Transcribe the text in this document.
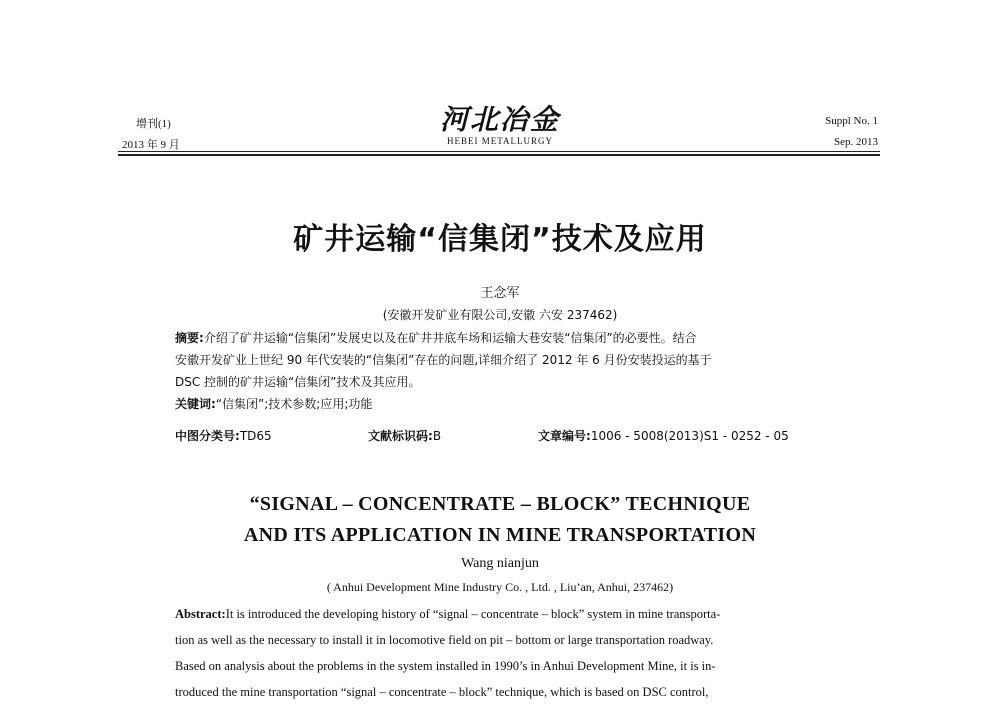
增刊(1)
2013 年 9 月
河北冶金
HEBEI METALLURGY
Suppl No. 1
Sep. 2013
矿井运输“信集闭”技术及应用
王念军
(安徽开发矿业有限公司,安徽 六安 237462)
摘要:介绍了矿井运输“信集闭”发展史以及在矿井井底车场和运输大巷安装“信集闭”的必要性。结合
安徽开发矿业上世纪 90 年代安装的“信集闭”存在的问题,详细介绍了 2012 年 6 月份安装投运的基于
DSC 控制的矿井运输“信集闭”技术及其应用。
关键词:“信集闭”;技术参数;应用;功能
中图分类号:TD65	文献标识码:B	文章编号:1006 - 5008(2013)S1 - 0252 - 05
“SIGNAL – CONCENTRATE – BLOCK” TECHNIQUE
AND ITS APPLICATION IN MINE TRANSPORTATION
Wang nianjun
( Anhui Development Mine Industry Co. , Ltd. , Liu’an, Anhui, 237462)
Abstract:It is introduced the developing history of “signal – concentrate – block” system in mine transporta-
tion as well as the necessary to install it in locomotive field on pit – bottom or large transportation roadway.
Based on analysis about the problems in the system installed in 1990’s in Anhui Development Mine, it is in-
troduced the mine transportation “signal – concentrate – block” technique, which is based on DSC control,
